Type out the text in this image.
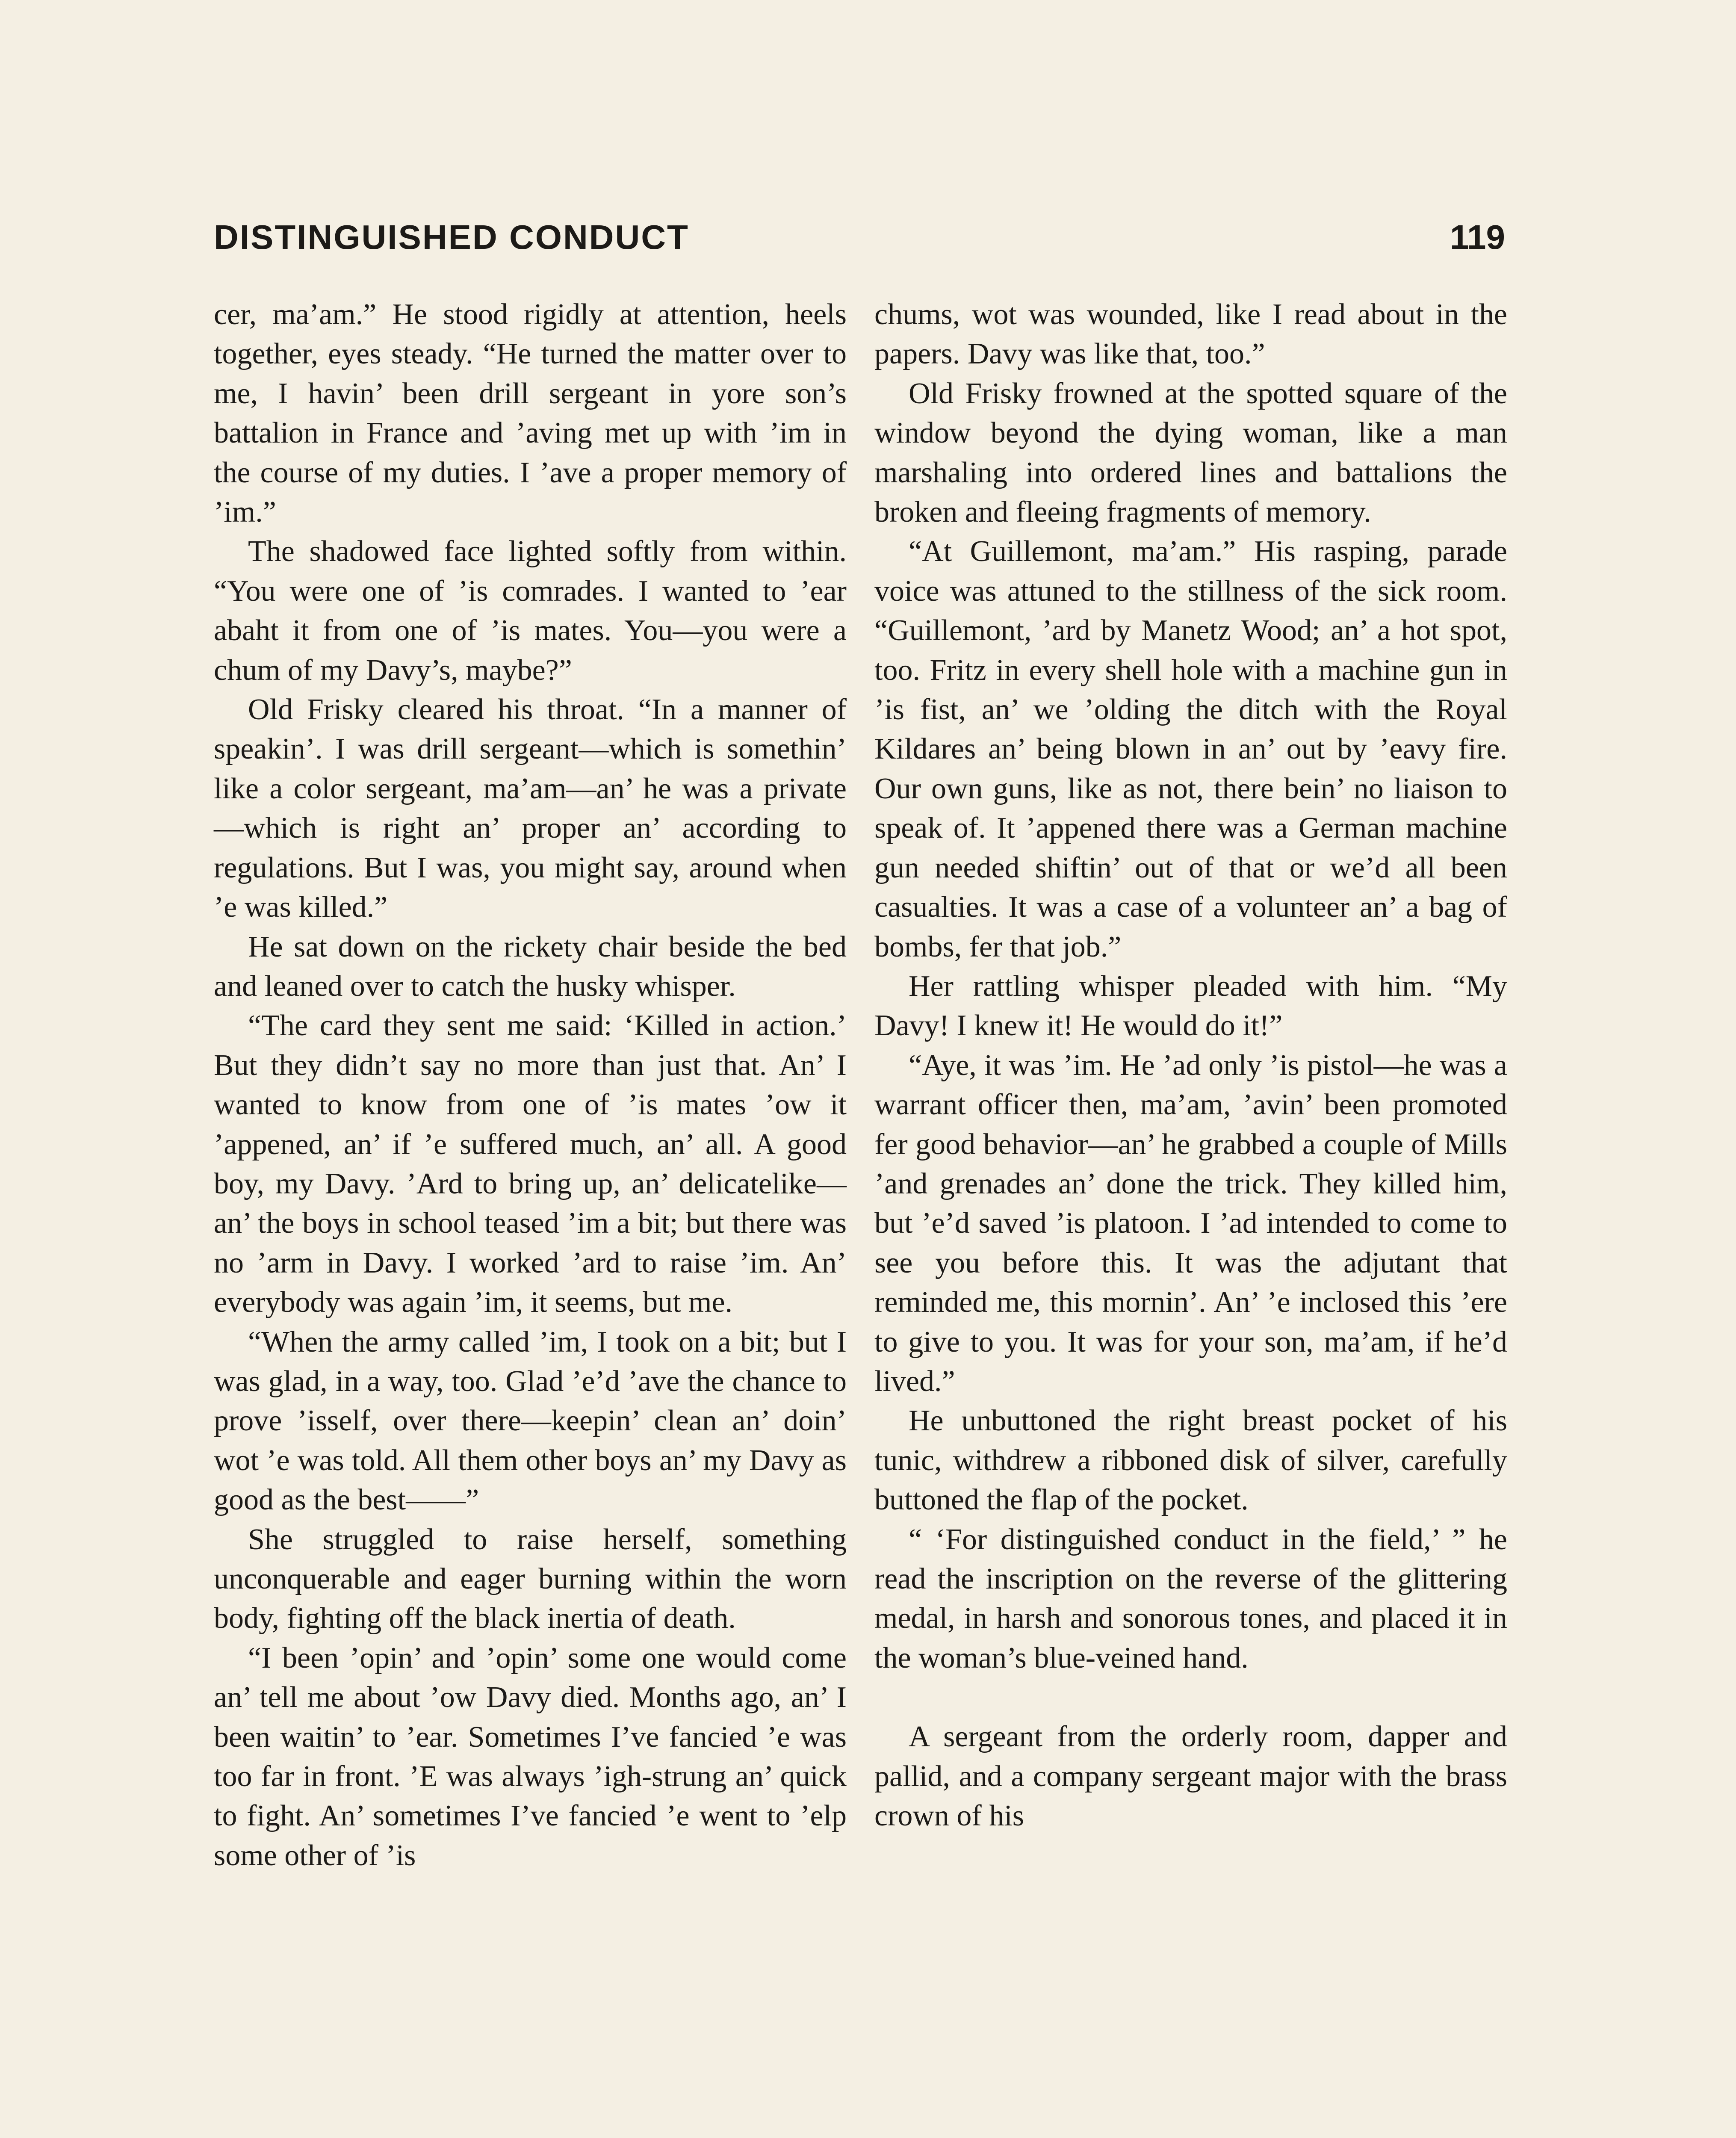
DISTINGUISHED CONDUCT	119

cer, ma’am.” He stood rigidly at attention, heels together, eyes steady. “He turned the matter over to me, I havin’ been drill sergeant in yore son’s battalion in France and ’aving met up with ’im in the course of my duties. I ’ave a proper memory of ’im.”

The shadowed face lighted softly from within. “You were one of ’is comrades. I wanted to ’ear abaht it from one of ’is mates. You—you were a chum of my Davy’s, maybe?”

Old Frisky cleared his throat. “In a manner of speakin’. I was drill sergeant—which is somethin’ like a color sergeant, ma’am—an’ he was a private —which is right an’ proper an’ according to regulations. But I was, you might say, around when ’e was killed.”

He sat down on the rickety chair beside the bed and leaned over to catch the husky whisper.

“The card they sent me said: ‘Killed in action.’ But they didn’t say no more than just that. An’ I wanted to know from one of ’is mates ’ow it ’appened, an’ if ’e suffered much, an’ all. A good boy, my Davy. ’Ard to bring up, an’ delicatelike—an’ the boys in school teased ’im a bit; but there was no ’arm in Davy. I worked ’ard to raise ’im. An’ everybody was again ’im, it seems, but me.

“When the army called ’im, I took on a bit; but I was glad, in a way, too. Glad ’e’d ’ave the chance to prove ’isself, over there—keepin’ clean an’ doin’ wot ’e was told. All them other boys an’ my Davy as good as the best——”

She struggled to raise herself, something unconquerable and eager burning within the worn body, fighting off the black inertia of death.

“I been ’opin’ and ’opin’ some one would come an’ tell me about ’ow Davy died. Months ago, an’ I been waitin’ to ’ear. Sometimes I’ve fancied ’e was too far in front. ’E was always ’igh-strung an’ quick to fight. An’ sometimes I’ve fancied ’e went to ’elp some other of ’is

chums, wot was wounded, like I read about in the papers. Davy was like that, too.”

Old Frisky frowned at the spotted square of the window beyond the dying woman, like a man marshaling into ordered lines and battalions the broken and fleeing fragments of memory.

“At Guillemont, ma’am.” His rasping, parade voice was attuned to the stillness of the sick room. “Guillemont, ’ard by Manetz Wood; an’ a hot spot, too. Fritz in every shell hole with a machine gun in ’is fist, an’ we ’olding the ditch with the Royal Kildares an’ being blown in an’ out by ’eavy fire. Our own guns, like as not, there bein’ no liaison to speak of. It ’appened there was a German machine gun needed shiftin’ out of that or we’d all been casualties. It was a case of a volunteer an’ a bag of bombs, fer that job.”

Her rattling whisper pleaded with him. “My Davy! I knew it! He would do it!”

“Aye, it was ’im. He ’ad only ’is pistol—he was a warrant officer then, ma’am, ’avin’ been promoted fer good behavior—an’ he grabbed a couple of Mills ’and grenades an’ done the trick. They killed him, but ’e’d saved ’is platoon. I ’ad intended to come to see you before this. It was the adjutant that reminded me, this mornin’. An’ ’e inclosed this ’ere to give to you. It was for your son, ma’am, if he’d lived.”

He unbuttoned the right breast pocket of his tunic, withdrew a ribboned disk of silver, carefully buttoned the flap of the pocket.

“ ‘For distinguished conduct in the field,’ ” he read the inscription on the reverse of the glittering medal, in harsh and sonorous tones, and placed it in the woman’s blue-veined hand.

A sergeant from the orderly room, dapper and pallid, and a company sergeant major with the brass crown of his
